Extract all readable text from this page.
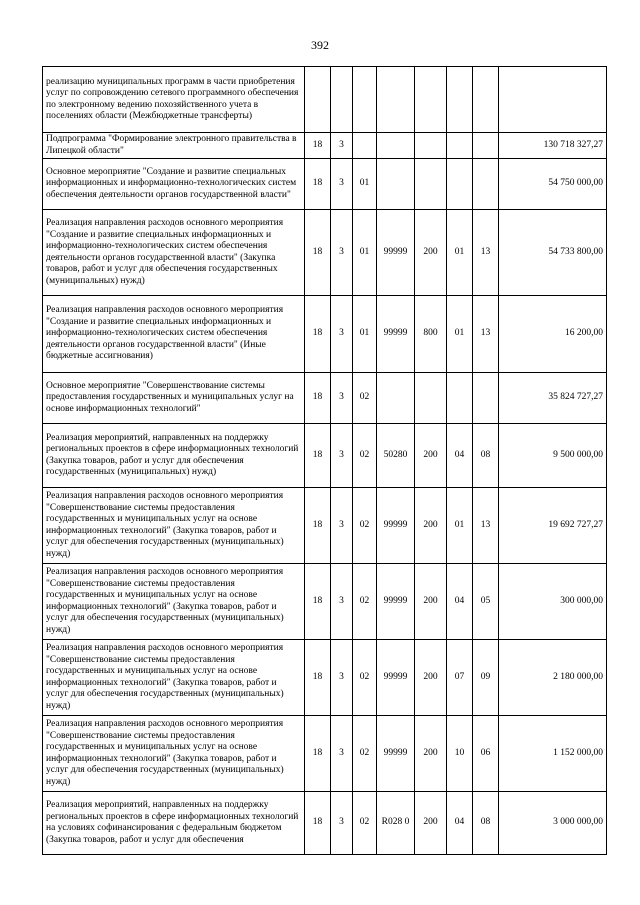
392
реализацию муниципальных программ в части приобретения услуг по сопровождению сетевого программного обеспечения по электронному ведению похозяйственного учета в поселениях области (Межбюджетные трансферты)								
Подпрограмма "Формирование электронного правительства в Липецкой области"	18	3						130 718 327,27
Основное мероприятие "Создание и развитие специальных информационных и информационно-технологических систем обеспечения деятельности органов государственной власти"	18	3	01					54 750 000,00
Реализация направления расходов основного мероприятия "Создание и развитие специальных информационных и информационно-технологических систем обеспечения деятельности органов государственной власти" (Закупка товаров, работ и услуг для обеспечения государственных (муниципальных) нужд)	18	3	01	99999	200	01	13	54 733 800,00
Реализация направления расходов основного мероприятия "Создание и развитие специальных информационных и информационно-технологических систем обеспечения деятельности органов государственной власти" (Иные бюджетные ассигнования)	18	3	01	99999	800	01	13	16 200,00
Основное мероприятие "Совершенствование системы предоставления государственных и муниципальных услуг на основе информационных технологий"	18	3	02					35 824 727,27
Реализация мероприятий, направленных на поддержку региональных проектов в сфере информационных технологий (Закупка товаров, работ и услуг для обеспечения государственных (муниципальных) нужд)	18	3	02	50280	200	04	08	9 500 000,00
Реализация направления расходов основного мероприятия "Совершенствование системы предоставления государственных и муниципальных услуг на основе информационных технологий" (Закупка товаров, работ и услуг для обеспечения государственных (муниципальных) нужд)	18	3	02	99999	200	01	13	19 692 727,27
Реализация направления расходов основного мероприятия "Совершенствование системы предоставления государственных и муниципальных услуг на основе информационных технологий" (Закупка товаров, работ и услуг для обеспечения государственных (муниципальных) нужд)	18	3	02	99999	200	04	05	300 000,00
Реализация направления расходов основного мероприятия "Совершенствование системы предоставления государственных и муниципальных услуг на основе информационных технологий" (Закупка товаров, работ и услуг для обеспечения государственных (муниципальных) нужд)	18	3	02	99999	200	07	09	2 180 000,00
Реализация направления расходов основного мероприятия "Совершенствование системы предоставления государственных и муниципальных услуг на основе информационных технологий" (Закупка товаров, работ и услуг для обеспечения государственных (муниципальных) нужд)	18	3	02	99999	200	10	06	1 152 000,00
Реализация мероприятий, направленных на поддержку региональных проектов в сфере информационных технологий на условиях софинансирования с федеральным бюджетом (Закупка товаров, работ и услуг для обеспечения	18	3	02	R028 0	200	04	08	3 000 000,00
